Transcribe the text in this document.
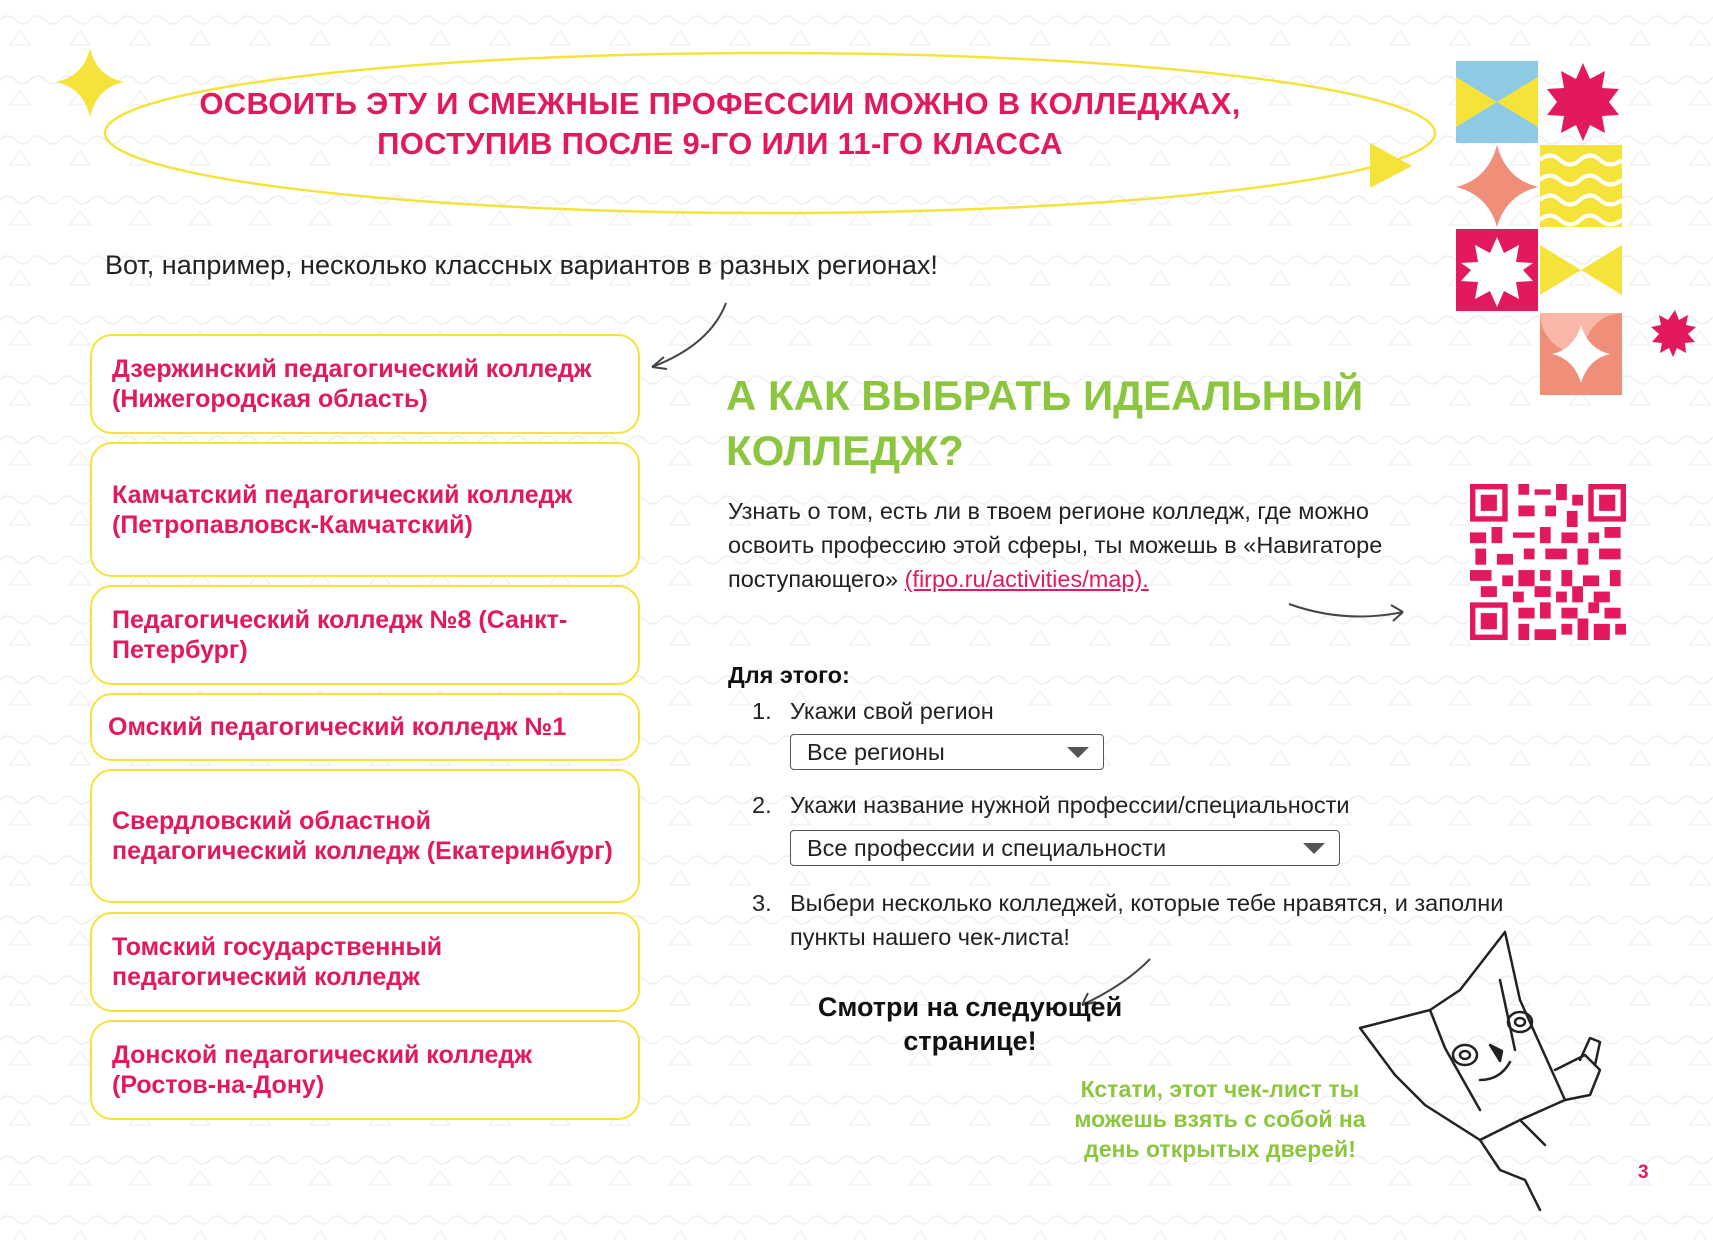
ОСВОИТЬ ЭТУ И СМЕЖНЫЕ ПРОФЕССИИ МОЖНО В КОЛЛЕДЖАХ,
ПОСТУПИВ ПОСЛЕ 9-ГО ИЛИ 11-ГО КЛАССА
Вот, например, несколько классных вариантов в разных регионах!
Дзержинский педагогический колледж (Нижегородская область)
Камчатский педагогический колледж (Петропавловск-Камчатский)
Педагогический колледж №8 (Санкт-Петербург)
Омский педагогический колледж №1
Свердловский областной педагогический колледж (Екатеринбург)
Томский государственный педагогический колледж
Донской педагогический колледж (Ростов-на-Дону)
А КАК ВЫБРАТЬ ИДЕАЛЬНЫЙ КОЛЛЕДЖ?
Узнать о том, есть ли в твоем регионе колледж, где можно освоить профессию этой сферы, ты можешь в «Навигаторе поступающего» (firpo.ru/activities/map).
Для этого:
1. Укажи свой регион
Все регионы
2. Укажи название нужной профессии/специальности
Все профессии и специальности
3. Выбери несколько колледжей, которые тебе нравятся, и заполни пункты нашего чек-листа!
Смотри на следующей странице!
Кстати, этот чек-лист ты можешь взять с собой на день открытых дверей!
3
